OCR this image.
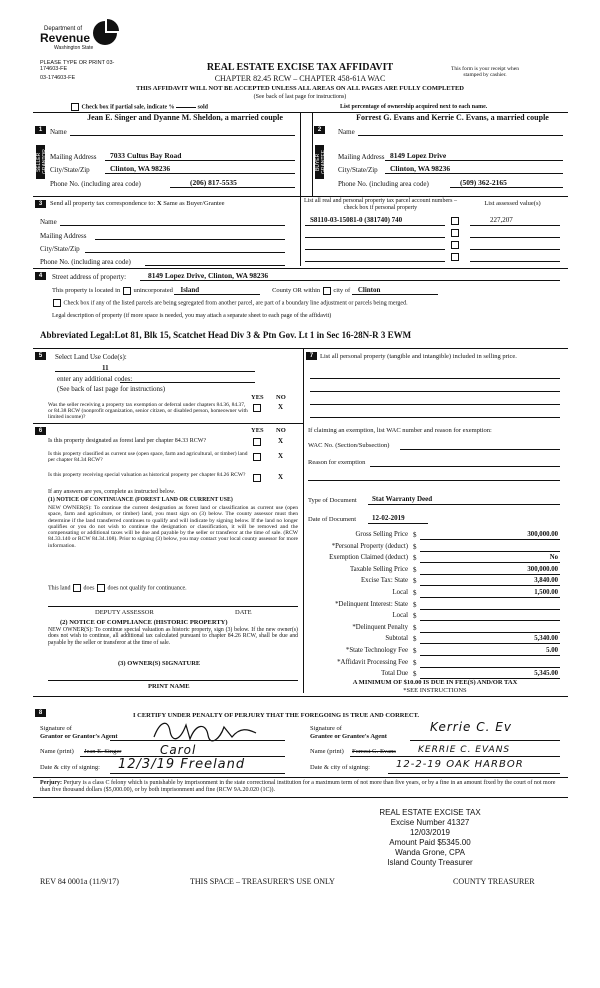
Department of
Revenue
Washington State
PLEASE TYPE OR PRINT 03-174603-FE
03-174603-FE
REAL ESTATE EXCISE TAX AFFIDAVIT
CHAPTER 82.45 RCW – CHAPTER 458-61A WAC
This form is your receipt when stamped by cashier.
THIS AFFIDAVIT WILL NOT BE ACCEPTED UNLESS ALL AREAS ON ALL PAGES ARE FULLY COMPLETED
(See back of last page for instructions)
Check box if partial sale, indicate %	sold	List percentage of ownership acquired next to each name.
1
SELLER GRANTOR
Jean E. Singer and Dyanne M. Sheldon, a married couple
Name
Mailing Address 7033 Cultus Bay Road
City/State/Zip	Clinton, WA 98236
Phone No. (including area code)	(206) 817-5535
2
BUYER GRANTEE
Forrest G. Evans and Kerrie C. Evans, a married couple
Name
Mailing Address 8149 Lopez Drive
City/State/Zip Clinton, WA 98236
Phone No. (including area code)	(509) 362-2165
3	Send all property tax correspondence to: X Same as Buyer/Grantee
Name
Mailing Address
City/State/Zip
Phone No. (including area code)
List all real and personal property tax parcel account numbers – check box if personal property
List assessed value(s)
S8110-03-15081-0 (381740) 740	227,207
4	Street address of property:	8149 Lopez Drive, Clinton, WA 98236
This property is located in unincorporated Island	County OR within city of Clinton
Check box if any of the listed parcels are being segregated from another parcel, are part of a boundary line adjustment or parcels being merged.
Legal description of property (if more space is needed, you may attach a separate sheet to each page of the affidavit)
Abbreviated Legal:Lot 81, Blk 15, Scatchet Head Div 3 & Ptn Gov. Lt 1 in Sec 16-28N-R 3 EWM
5	Select Land Use Code(s):
11
enter any additional codes:
(See back of last page for instructions)
YES NO
Was the seller receiving a property tax exemption or deferral under chapters 84.36, 84.37, or 84.38 RCW (nonprofit organization, senior citizen, or disabled person, homeowner with limited income)?
X
6	YES NO
Is this property designated as forest land per chapter 84.33 RCW?	X
Is this property classified as current use (open space, farm and agricultural, or timber) land per chapter 84.34 RCW?	X
Is this property receiving special valuation as historical property per chapter 84.26 RCW?	X
If any answers are yes, complete as instructed below.
(1) NOTICE OF CONTINUANCE (FOREST LAND OR CURRENT USE)
NEW OWNER(S): To continue the current designation as forest land or classification as current use (open space, farm and agriculture, or timber) land, you must sign on (3) below. The county assessor must then determine if the land transferred continues to qualify and will indicate by signing below. If the land no longer qualifies or you do not wish to continue the designation or classification, it will be removed and the compensating or additional taxes will be due and payable by the seller or transferor at the time of sale. (RCW 84.33.140 or RCW 84.34.108). Prior to signing (3) below, you may contact your local county assessor for more information.
This land does does not qualify for continuance.
DEPUTY ASSESSOR	DATE
(2) NOTICE OF COMPLIANCE (HISTORIC PROPERTY)
NEW OWNER(S): To continue special valuation as historic property, sign (3) below. If the new owner(s) does not wish to continue, all additional tax calculated pursuant to chapter 84.26 RCW, shall be due and payable by the seller or transferor at the time of sale.
(3) OWNER(S) SIGNATURE
PRINT NAME
7	List all personal property (tangible and intangible) included in selling price.
If claiming an exemption, list WAC number and reason for exemption:
WAC No. (Section/Subsection)
Reason for exemption
Type of Document Stat Warranty Deed
Date of Document 12-02-2019
Gross Selling Price $	300,000.00
*Personal Property (deduct) $
Exemption Claimed (deduct) $	No
Taxable Selling Price $	300,000.00
Excise Tax: State $	3,840.00
Local $	1,500.00
*Delinquent Interest: State $
Local $
*Delinquent Penalty $
Subtotal $	5,340.00
*State Technology Fee $	5.00
*Affidavit Processing Fee $
Total Due $	5,345.00
A MINIMUM OF $10.00 IS DUE IN FEE(S) AND/OR TAX
*SEE INSTRUCTIONS
8	I CERTIFY UNDER PENALTY OF PERJURY THAT THE FOREGOING IS TRUE AND CORRECT.
Signature of
Grantor or Grantor's Agent
Name (print) Jean E. Singer	Carol
Date & city of signing: 12/3/19 Freeland
Signature of
Grantee or Grantee's Agent
Kerrie C. Ev
Name (print) Forrest G. Evans KERRIE C. EVANS
Date & city of signing:	12-2-19 OAK HARBOR
Perjury: Perjury is a class C felony which is punishable by imprisonment in the state correctional institution for a maximum term of not more than five years, or by a fine in an amount fixed by the court of not more than five thousand dollars ($5,000.00), or by both imprisonment and fine (RCW 9A.20.020 (1C)).
REAL ESTATE EXCISE TAX
Excise Number 41327
12/03/2019
Amount Paid $5345.00
Wanda Grone, CPA
Island County Treasurer
REV 84 0001a (11/9/17)	THIS SPACE – TREASURER'S USE ONLY	COUNTY TREASURER
